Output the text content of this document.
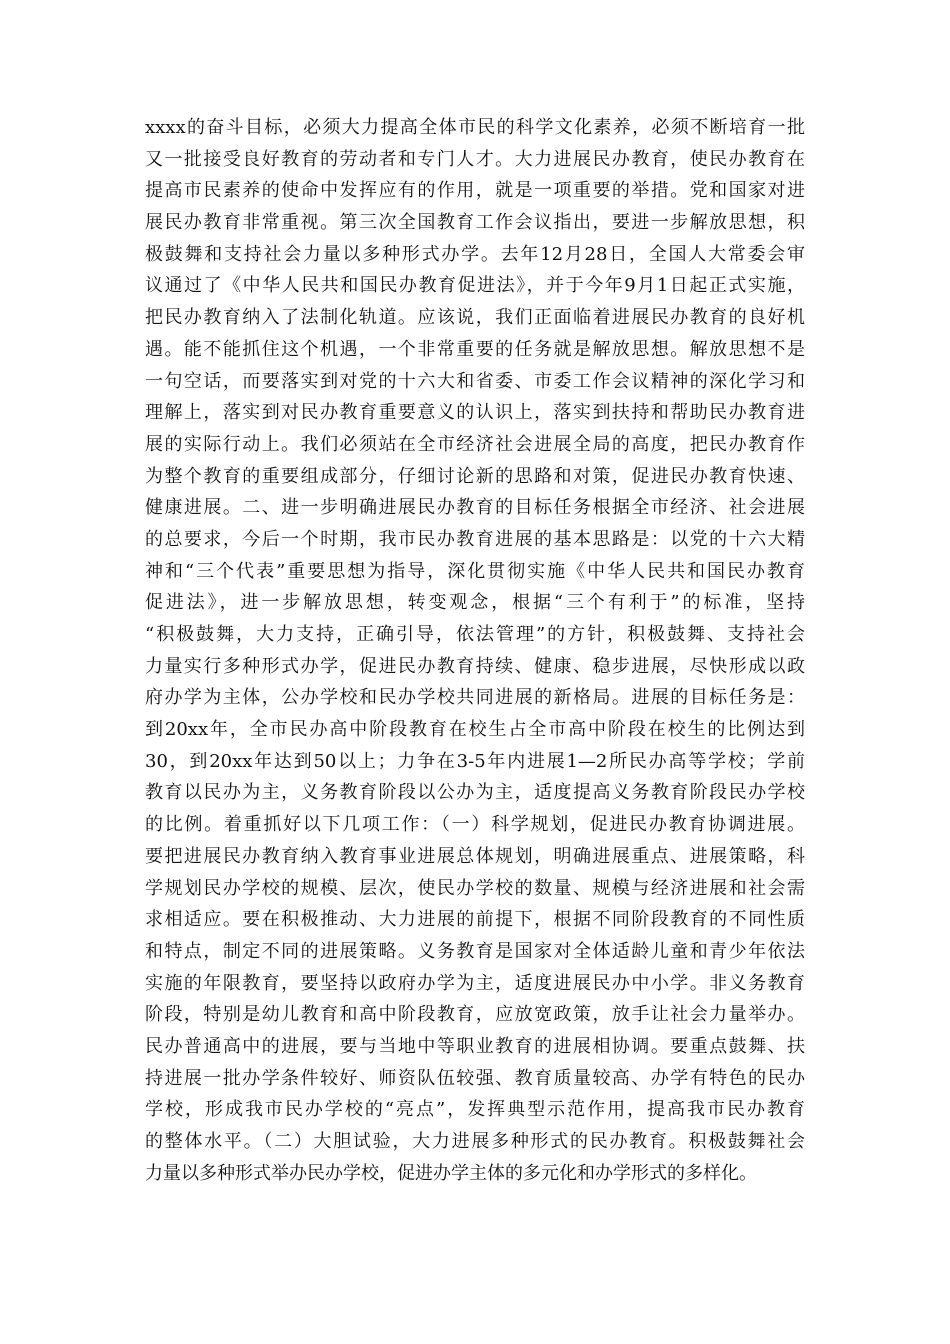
xxxx的奋斗目标，必须大力提高全体市民的科学文化素养，必须不断培育一批
又一批接受良好教育的劳动者和专门人才。大力进展民办教育，使民办教育在
提高市民素养的使命中发挥应有的作用，就是一项重要的举措。党和国家对进
展民办教育非常重视。第三次全国教育工作会议指出，要进一步解放思想，积
极鼓舞和支持社会力量以多种形式办学。去年12月28日，全国人大常委会审
议通过了《中华人民共和国民办教育促进法》，并于今年9月1日起正式实施，
把民办教育纳入了法制化轨道。应该说，我们正面临着进展民办教育的良好机
遇。能不能抓住这个机遇，一个非常重要的任务就是解放思想。解放思想不是
一句空话，而要落实到对党的十六大和省委、市委工作会议精神的深化学习和
理解上，落实到对民办教育重要意义的认识上，落实到扶持和帮助民办教育进
展的实际行动上。我们必须站在全市经济社会进展全局的高度，把民办教育作
为整个教育的重要组成部分，仔细讨论新的思路和对策，促进民办教育快速、
健康进展。二、进一步明确进展民办教育的目标任务根据全市经济、社会进展
的总要求，今后一个时期，我市民办教育进展的基本思路是：以党的十六大精
神和“三个代表”重要思想为指导，深化贯彻实施《中华人民共和国民办教育
促进法》，进一步解放思想，转变观念，根据“三个有利于”的标准，坚持
“积极鼓舞，大力支持，正确引导，依法管理”的方针，积极鼓舞、支持社会
力量实行多种形式办学，促进民办教育持续、健康、稳步进展，尽快形成以政
府办学为主体，公办学校和民办学校共同进展的新格局。进展的目标任务是：
到20xx年，全市民办高中阶段教育在校生占全市高中阶段在校生的比例达到
30，到20xx年达到50以上；力争在3-5年内进展1—2所民办高等学校；学前
教育以民办为主，义务教育阶段以公办为主，适度提高义务教育阶段民办学校
的比例。着重抓好以下几项工作：（一）科学规划，促进民办教育协调进展。
要把进展民办教育纳入教育事业进展总体规划，明确进展重点、进展策略，科
学规划民办学校的规模、层次，使民办学校的数量、规模与经济进展和社会需
求相适应。要在积极推动、大力进展的前提下，根据不同阶段教育的不同性质
和特点，制定不同的进展策略。义务教育是国家对全体适龄儿童和青少年依法
实施的年限教育，要坚持以政府办学为主，适度进展民办中小学。非义务教育
阶段，特别是幼儿教育和高中阶段教育，应放宽政策，放手让社会力量举办。
民办普通高中的进展，要与当地中等职业教育的进展相协调。要重点鼓舞、扶
持进展一批办学条件较好、师资队伍较强、教育质量较高、办学有特色的民办
学校，形成我市民办学校的“亮点”，发挥典型示范作用，提高我市民办教育
的整体水平。（二）大胆试验，大力进展多种形式的民办教育。积极鼓舞社会
力量以多种形式举办民办学校，促进办学主体的多元化和办学形式的多样化。
